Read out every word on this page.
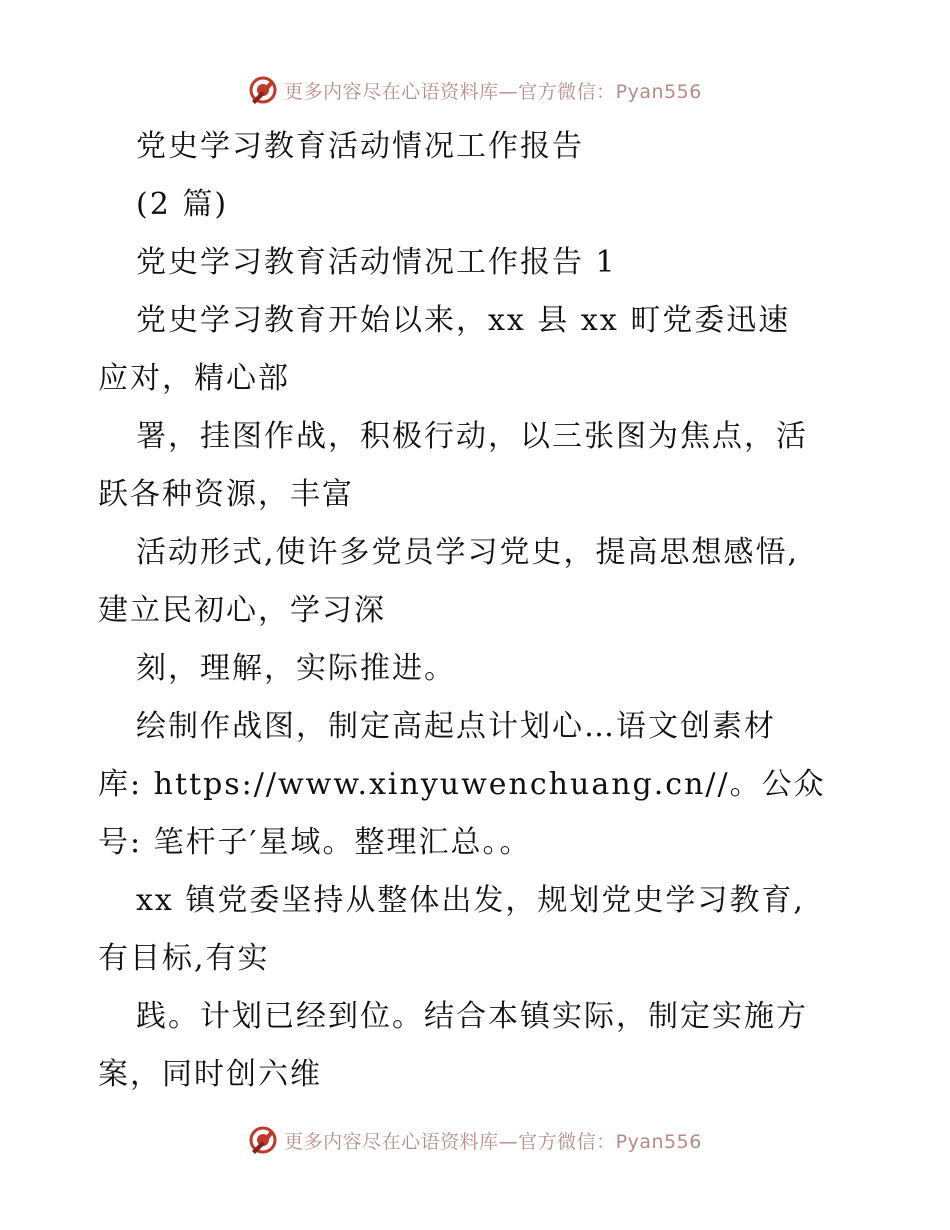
更多内容尽在心语资料库—官方微信：Pyan556
党史学习教育活动情况工作报告
(2 篇)
党史学习教育活动情况工作报告 1
党史学习教育开始以来，xx 县 xx 町党委迅速
应对，精心部
署，挂图作战，积极行动，以三张图为焦点，活
跃各种资源，丰富
活动形式,使许多党员学习党史，提高思想感悟,
建立民初心，学习深
刻，理解，实际推进。
绘制作战图，制定高起点计划心…语文创素材
库: https://www.xinyuwenchuang.cn//。公众
号: 笔杆子′星域。整理汇总。。
xx 镇党委坚持从整体出发，规划党史学习教育,
有目标,有实
践。计划已经到位。结合本镇实际，制定实施方
案，同时创六维
更多内容尽在心语资料库—官方微信：Pyan556
